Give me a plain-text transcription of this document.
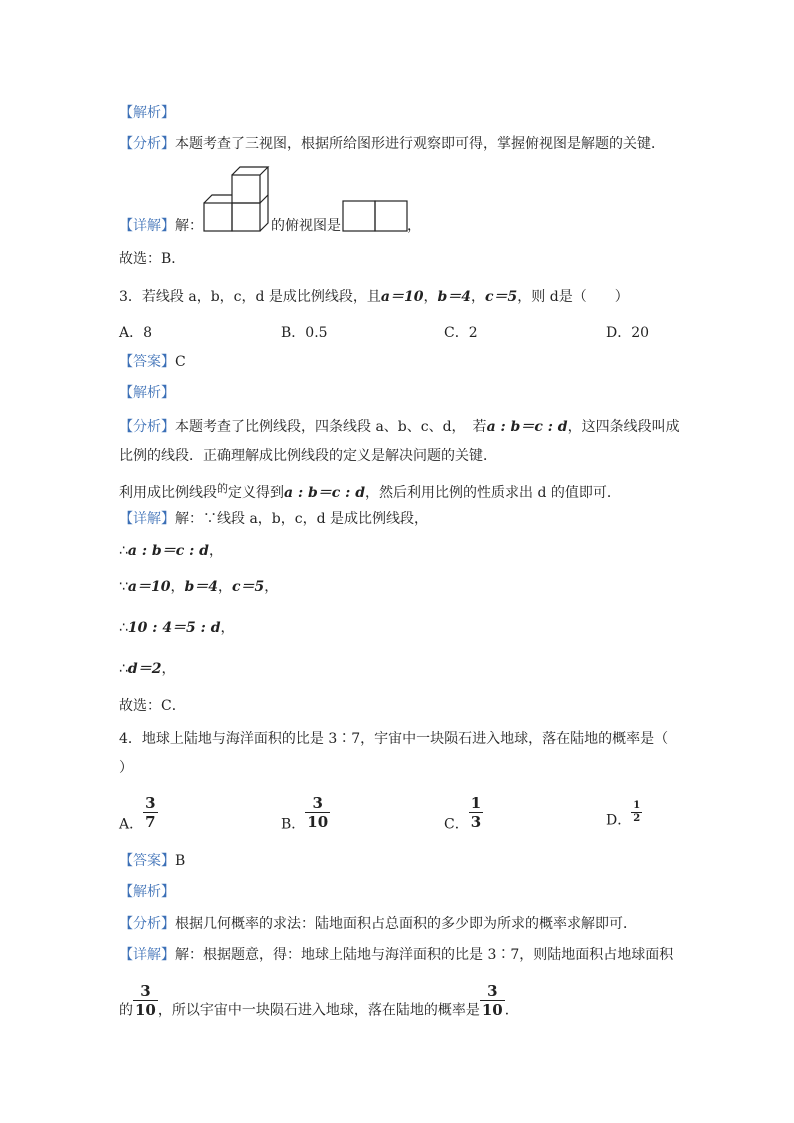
【解析】
【分析】本题考查了三视图，根据所给图形进行观察即可得，掌握俯视图是解题的关键．
【详解】解：	的俯视图是	，
故选：B．
3．若线段 a，b，c，d 是成比例线段，且a＝10，b＝4，c＝5，则 d是（　　）
A．8	B．0.5	C．2	D．20
【答案】C
【解析】
【分析】本题考查了比例线段，四条线段 a、b、c、d，　若a : b＝c : d，这四条线段叫成
比例的线段．正确理解成比例线段的定义是解决问题的关键．
利用成比例线段$^的$定义得到a : b＝c : d，然后利用比例的性质求出 d 的值即可．
【详解】解：∵线段 a，b，c，d 是成比例线段，
∴a : b＝c : d，
∵a＝10，b＝4，c＝5，
∴10 : 4＝5 : d，
∴d＝2，
故选：C．
4．地球上陆地与海洋面积的比是 3∶7，宇宙中一块陨石进入地球，落在陆地的概率是（
）
A． $\frac{3}{7}$	B． $\frac{3}{10}$	C． $\frac{1}{3}$	D． $\frac{1}{2}$
【答案】B
【解析】
【分析】根据几何概率的求法：陆地面积占总面积的多少即为所求的概率求解即可．
【详解】解：根据题意，得：地球上陆地与海洋面积的比是 3∶7，则陆地面积占地球面积
的 $\frac{3}{10}$ ，所以宇宙中一块陨石进入地球，落在陆地的概率是 $\frac{3}{10}$ ．
